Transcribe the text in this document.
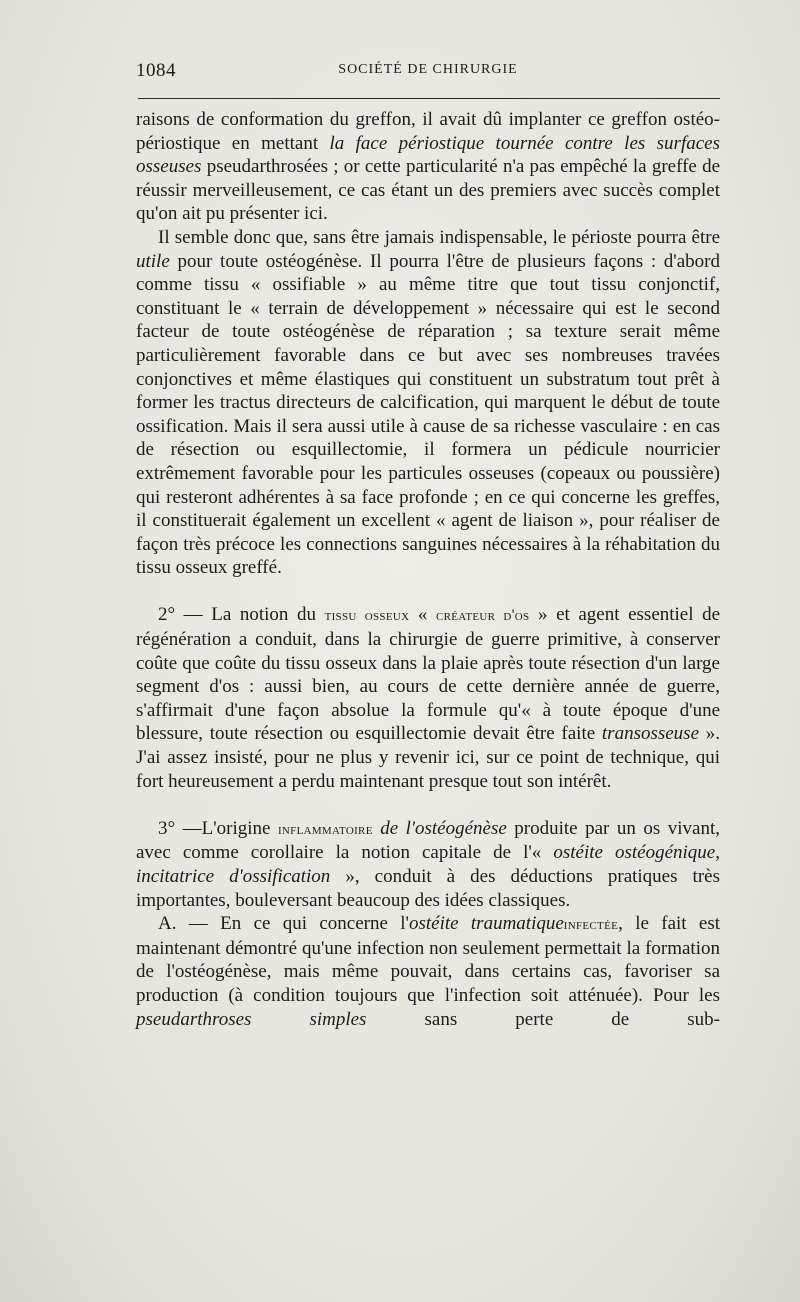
1084	SOCIÉTÉ DE CHIRURGIE

raisons de conformation du greffon, il avait dû implanter ce greffon ostéo-périostique en mettant la face périostique tournée contre les surfaces osseuses pseudarthrosées ; or cette particularité n'a pas empêché la greffe de réussir merveilleusement, ce cas étant un des premiers avec succès complet qu'on ait pu présenter ici.

Il semble donc que, sans être jamais indispensable, le périoste pourra être utile pour toute ostéogénèse. Il pourra l'être de plusieurs façons : d'abord comme tissu « ossifiable » au même titre que tout tissu conjonctif, constituant le « terrain de développement » nécessaire qui est le second facteur de toute ostéogénèse de réparation ; sa texture serait même particulièrement favorable dans ce but avec ses nombreuses travées conjonctives et même élastiques qui constituent un substratum tout prêt à former les tractus directeurs de calcification, qui marquent le début de toute ossification. Mais il sera aussi utile à cause de sa richesse vasculaire : en cas de résection ou esquillectomie, il formera un pédicule nourricier extrêmement favorable pour les particules osseuses (copeaux ou poussière) qui resteront adhérentes à sa face profonde ; en ce qui concerne les greffes, il constituerait également un excellent « agent de liaison », pour réaliser de façon très précoce les connections sanguines nécessaires à la réhabitation du tissu osseux greffé.

2° — La notion du tissu osseux « créateur d'os » et agent essentiel de régénération a conduit, dans la chirurgie de guerre primitive, à conserver coûte que coûte du tissu osseux dans la plaie après toute résection d'un large segment d'os : aussi bien, au cours de cette dernière année de guerre, s'affirmait d'une façon absolue la formule qu'« à toute époque d'une blessure, toute résection ou esquillectomie devait être faite transosseuse ». J'ai assez insisté, pour ne plus y revenir ici, sur ce point de technique, qui fort heureusement a perdu maintenant presque tout son intérêt.

3° —L'origine inflammatoire de l'ostéogénèse produite par un os vivant, avec comme corollaire la notion capitale de l'« ostéite ostéogénique, incitatrice d'ossification », conduit à des déductions pratiques très importantes, bouleversant beaucoup des idées classiques.

A. — En ce qui concerne l'ostéite traumatiqueinfectée, le fait est maintenant démontré qu'une infection non seulement permettait la formation de l'ostéogénèse, mais même pouvait, dans certains cas, favoriser sa production (à condition toujours que l'infection soit atténuée). Pour les pseudarthroses simples sans perte de sub-
